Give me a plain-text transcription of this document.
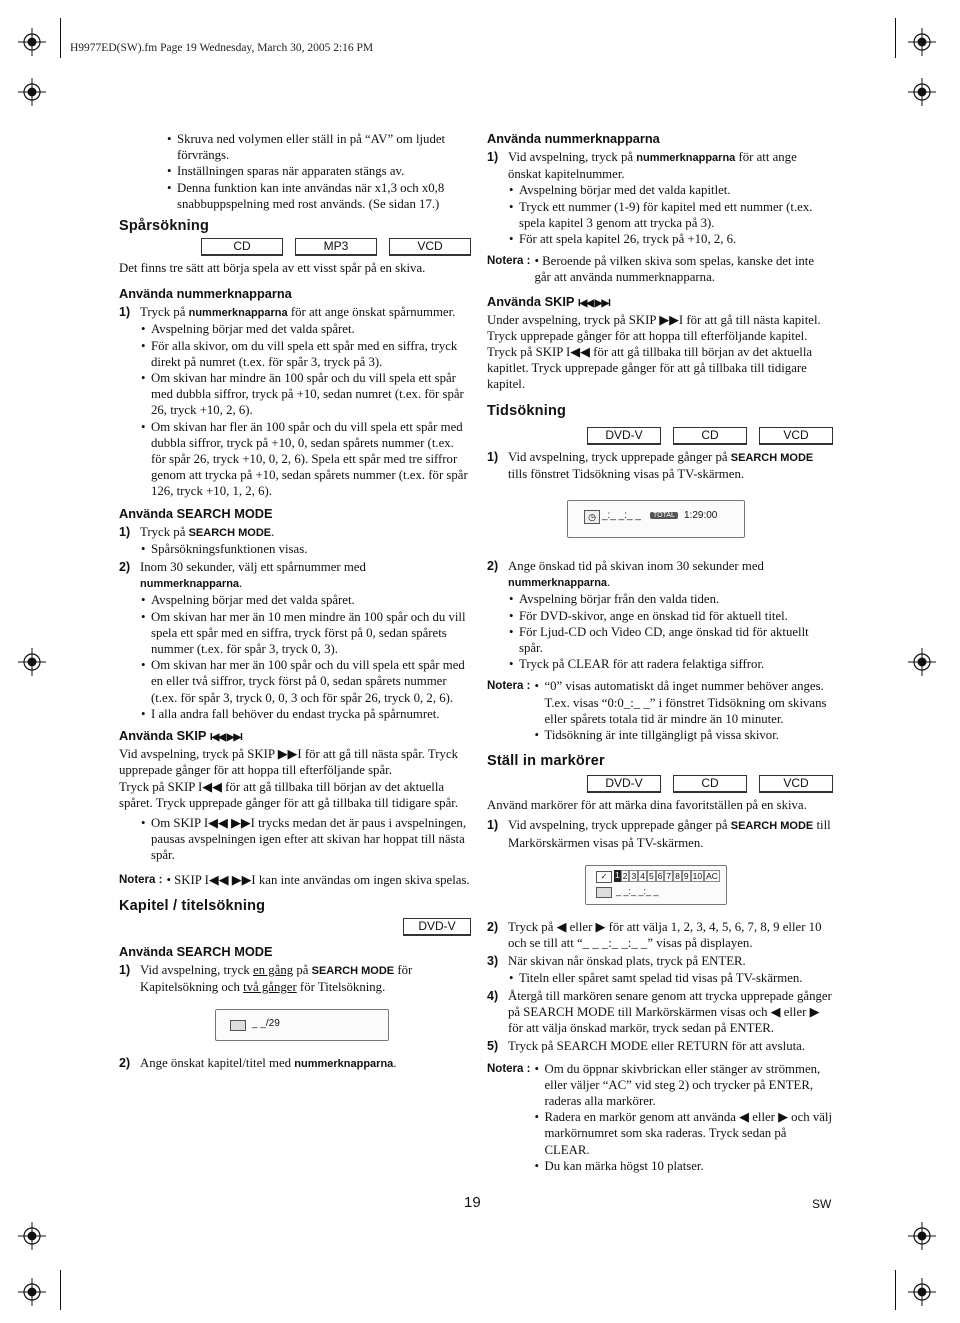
H9977ED(SW).fm Page 19 Wednesday, March 30, 2005 2:16 PM
• Skruva ned volymen eller ställ in på “AV” om ljudet förvrängs.
• Inställningen sparas när apparaten stängs av.
• Denna funktion kan inte användas när x1,3 och x0,8 snabbuppspelning med rost används. (Se sidan 17.)
Spårsökning
CD	MP3	VCD

Det finns tre sätt att börja spela av ett visst spår på en skiva.

Använda nummerknapparna
1) Tryck på nummerknapparna för att ange önskat spårnummer.
• Avspelning börjar med det valda spåret.
• För alla skivor, om du vill spela ett spår med en siffra, tryck direkt på numret (t.ex. för spår 3, tryck på 3).
• Om skivan har mindre än 100 spår och du vill spela ett spår med dubbla siffror, tryck på +10, sedan numret (t.ex. för spår 26, tryck +10, 2, 6).
• Om skivan har fler än 100 spår och du vill spela ett spår med dubbla siffror, tryck på +10, 0, sedan spårets nummer (t.ex. för spår 26, tryck +10, 0, 2, 6). Spela ett spår med tre siffror genom att trycka på +10, sedan spårets nummer (t.ex. för spår 126, tryck +10, 1, 2, 6).
Använda SEARCH MODE
1) Tryck på SEARCH MODE.
• Spårsökningsfunktionen visas.
2) Inom 30 sekunder, välj ett spårnummer med
nummerknapparna.
• Avspelning börjar med det valda spåret.
• Om skivan har mer än 10 men mindre än 100 spår och du vill spela ett spår med en siffra, tryck först på 0, sedan spårets nummer (t.ex. för spår 3, tryck 0, 3).
• Om skivan har mer än 100 spår och du vill spela ett spår med en eller två siffror, tryck först på 0, sedan spårets nummer (t.ex. för spår 3, tryck 0, 0, 3 och för spår 26, tryck 0, 2, 6).
• I alla andra fall behöver du endast trycka på spårnumret.
Använda SKIP I◀◀ ▶▶I

Vid avspelning, tryck på SKIP ▶▶I för att gå till nästa spår. Tryck upprepade gånger för att hoppa till efterföljande spår.

Tryck på SKIP I◀◀ för att gå tillbaka till början av det aktuella spåret. Tryck upprepade gånger för att gå tillbaka till tidigare spår.

• Om SKIP I◀◀ ▶▶I trycks medan det är paus i avspelningen, pausas avspelningen igen efter att skivan har hoppat till nästa spår.
Notera : • SKIP I◀◀ ▶▶I kan inte användas om ingen skiva spelas.
Kapitel / titelsökning
DVD-V
Använda SEARCH MODE
1) Vid avspelning, tryck en gång på SEARCH MODE för Kapitelsökning och två gånger för Titelsökning.
_ _/29
2) Ange önskat kapitel/titel med nummerknapparna.
Använda nummerknapparna
1) Vid avspelning, tryck på nummerknapparna för att ange önskat kapitelnummer.
• Avspelning börjar med det valda kapitlet.
• Tryck ett nummer (1-9) för kapitel med ett nummer (t.ex. spela kapitel 3 genom att trycka på 3).
• För att spela kapitel 26, tryck på +10, 2, 6.
Notera : • Beroende på vilken skiva som spelas, kanske det inte går att använda nummerknapparna.
Använda SKIP I◀◀ ▶▶I

Under avspelning, tryck på SKIP ▶▶I för att gå till nästa kapitel. Tryck upprepade gånger för att hoppa till efterföljande kapitel.

Tryck på SKIP I◀◀ för att gå tillbaka till början av det aktuella kapitlet. Tryck upprepade gånger för att gå tillbaka till tidigare kapitel.

Tidsökning
DVD-V	CD	VCD
1) Vid avspelning, tryck upprepade gånger på SEARCH MODE tills fönstret Tidsökning visas på TV-skärmen.
◷ _:_ _:_ _	TOTAL 1:29:00
2) Ange önskad tid på skivan inom 30 sekunder med nummerknapparna.
• Avspelning börjar från den valda tiden.
• För DVD-skivor, ange en önskad tid för aktuell titel.
• För Ljud-CD och Video CD, ange önskad tid för aktuellt spår.
• Tryck på CLEAR för att radera felaktiga siffror.
Notera : • “0” visas automatiskt då inget nummer behöver anges. T.ex. visas “0:0_:_ _” i fönstret Tidsökning om skivans eller spårets totala tid är mindre än 10 minuter.
• Tidsökning är inte tillgängligt på vissa skivor.
Ställ in markörer
DVD-V	CD	VCD

Använd markörer för att märka dina favoritställen på en skiva.

1) Vid avspelning, tryck upprepade gånger på SEARCH MODE till Markörskärmen visas på TV-skärmen.
✓ 1 2 3 4 5 6 7 8 9 10 AC
_ _:_ _:_ _
2) Tryck på ◀ eller ▶ för att välja 1, 2, 3, 4, 5, 6, 7, 8, 9 eller 10 och se till att “_ _ _:_ _:_ _” visas på displayen.
3) När skivan når önskad plats, tryck på ENTER.
• Titeln eller spåret samt spelad tid visas på TV-skärmen.
4) Återgå till markören senare genom att trycka upprepade gånger på SEARCH MODE till Markörskärmen visas och ◀ eller ▶ för att välja önskad markör, tryck sedan på ENTER.
5) Tryck på SEARCH MODE eller RETURN för att avsluta.
Notera : • Om du öppnar skivbrickan eller stänger av strömmen, eller väljer “AC” vid steg 2) och trycker på ENTER, raderas alla markörer.
• Radera en markör genom att använda ◀ eller ▶ och välj markörnumret som ska raderas. Tryck sedan på CLEAR.
• Du kan märka högst 10 platser.
19	SW
